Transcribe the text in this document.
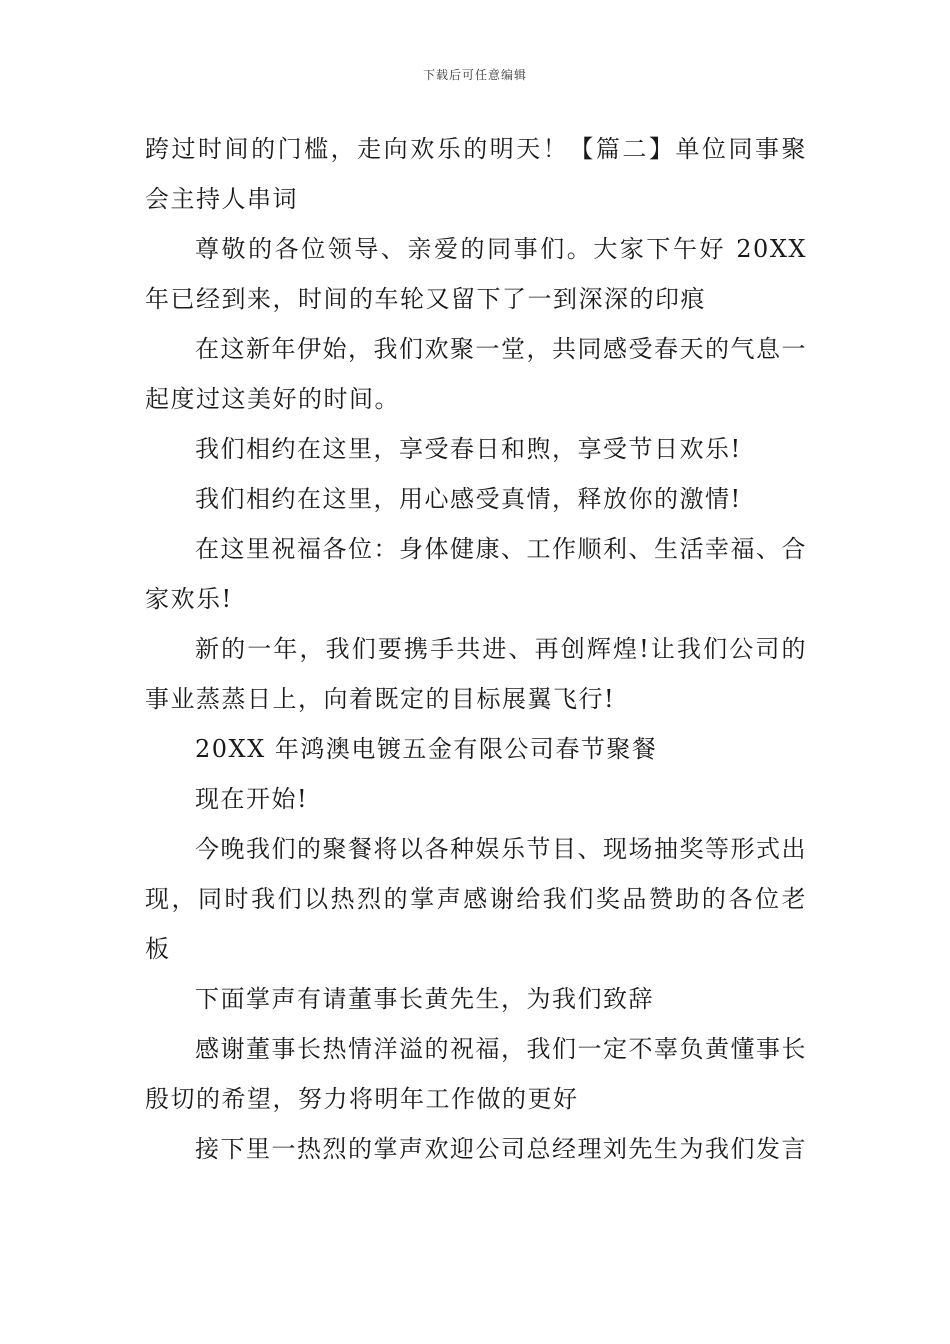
下载后可任意编辑

跨过时间的门槛，走向欢乐的明天！【篇二】单位同事聚会主持人串词

尊敬的各位领导、亲爱的同事们。大家下午好 20XX 年已经到来，时间的车轮又留下了一到深深的印痕

在这新年伊始，我们欢聚一堂，共同感受春天的气息一起度过这美好的时间。

我们相约在这里，享受春日和煦，享受节日欢乐!

我们相约在这里，用心感受真情，释放你的激情!

在这里祝福各位：身体健康、工作顺利、生活幸福、合家欢乐!

新的一年，我们要携手共进、再创辉煌!让我们公司的事业蒸蒸日上，向着既定的目标展翼飞行!

20XX 年鸿澳电镀五金有限公司春节聚餐

现在开始!

今晚我们的聚餐将以各种娱乐节目、现场抽奖等形式出现，同时我们以热烈的掌声感谢给我们奖品赞助的各位老板

下面掌声有请董事长黄先生，为我们致辞

感谢董事长热情洋溢的祝福，我们一定不辜负黄懂事长殷切的希望，努力将明年工作做的更好

接下里一热烈的掌声欢迎公司总经理刘先生为我们发言
